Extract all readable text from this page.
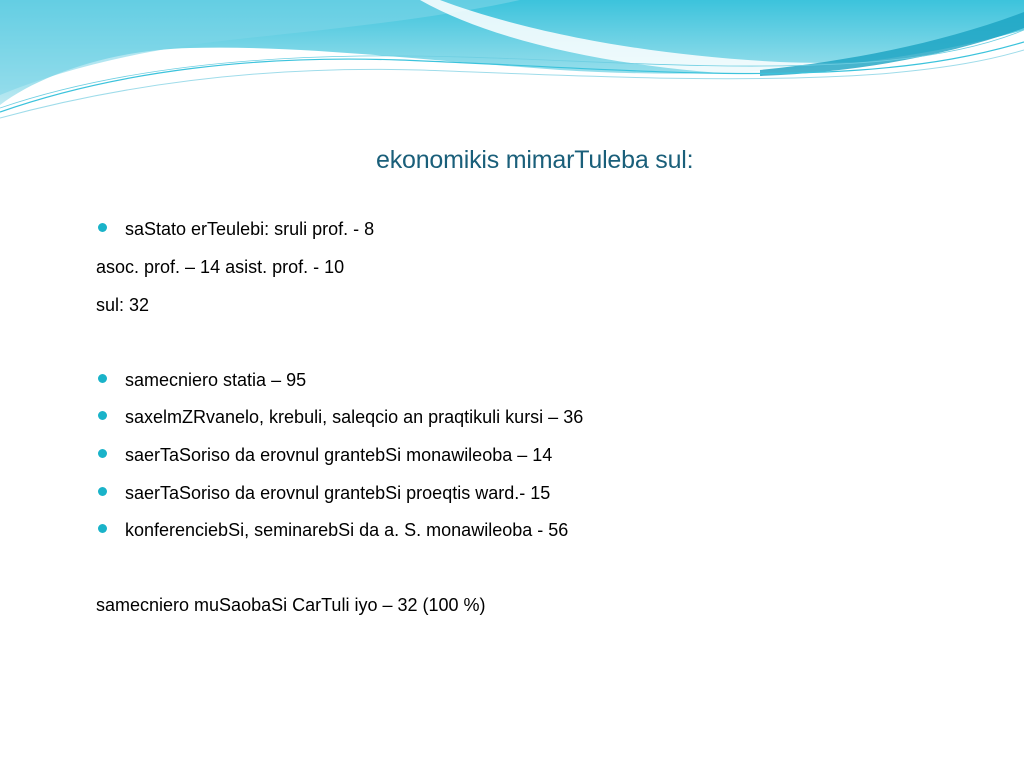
ekonomikis mimarTuleba sul:
saStato erTeulebi: sruli prof. - 8
asoc. prof. – 14 asist. prof. - 10
sul: 32
samecniero statia – 95
saxelmZRvanelo, krebuli, saleqcio an praqtikuli kursi – 36
saerTaSoriso da erovnul grantebSi monawileoba – 14
saerTaSoriso da erovnul grantebSi proeqtis ward.- 15
konferenciebSi, seminarebSi da a. S. monawileoba - 56
samecniero muSaobaSi CarTuli iyo – 32 (100 %)
